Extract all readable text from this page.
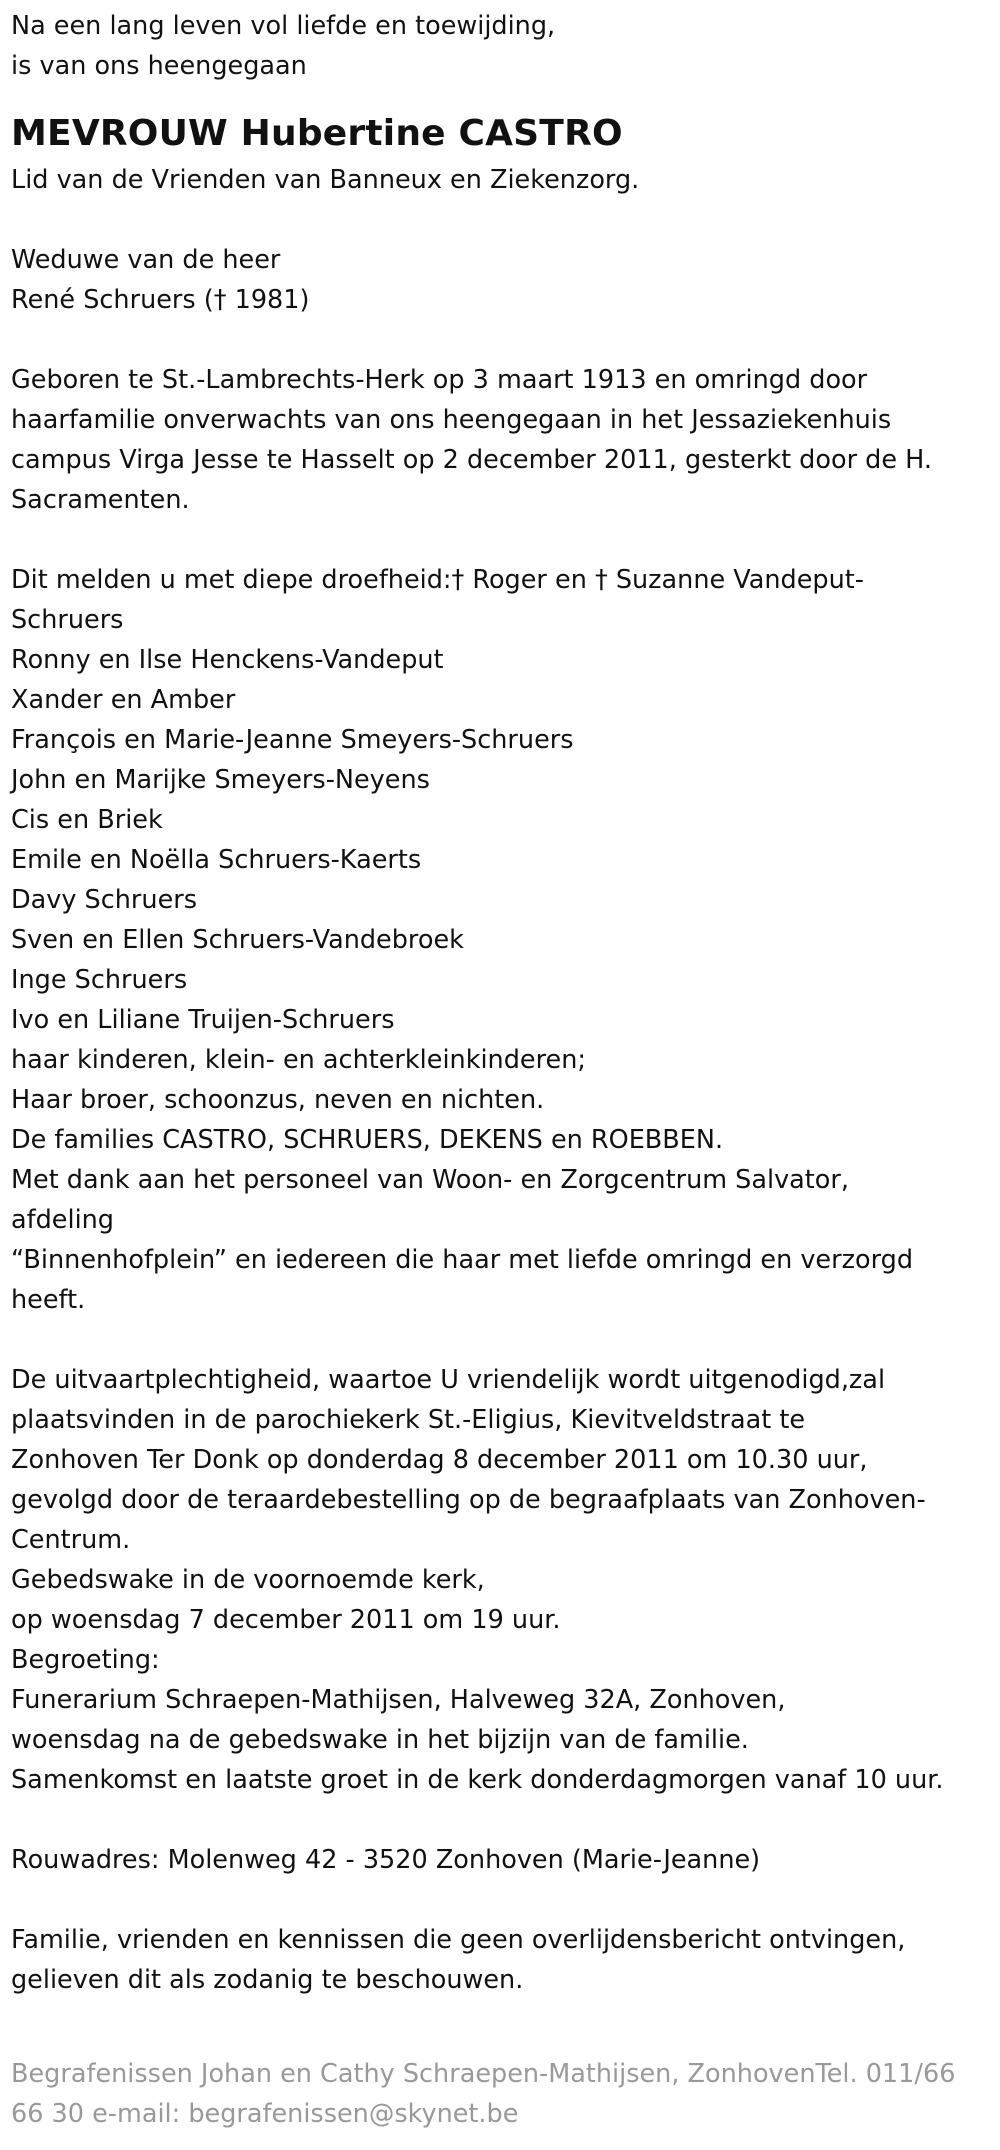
Na een lang leven vol liefde en toewijding,
is van ons heengegaan
MEVROUW Hubertine CASTRO
Lid van de Vrienden van Banneux en Ziekenzorg.
Weduwe van de heer
René Schruers († 1981)
Geboren te St.-Lambrechts-Herk op 3 maart 1913 en omringd door
haarfamilie onverwachts van ons heengegaan in het Jessaziekenhuis
campus Virga Jesse te Hasselt op 2 december 2011, gesterkt door de H.
Sacramenten.
Dit melden u met diepe droefheid:† Roger en † Suzanne Vandeput-
Schruers
Ronny en Ilse Henckens-Vandeput
Xander en Amber
François en Marie-Jeanne Smeyers-Schruers
John en Marijke Smeyers-Neyens
Cis en Briek
Emile en Noëlla Schruers-Kaerts
Davy Schruers
Sven en Ellen Schruers-Vandebroek
Inge Schruers
Ivo en Liliane Truijen-Schruers
haar kinderen, klein- en achterkleinkinderen;
Haar broer, schoonzus, neven en nichten.
De families CASTRO, SCHRUERS, DEKENS en ROEBBEN.
Met dank aan het personeel van Woon- en Zorgcentrum Salvator,
afdeling
“Binnenhofplein” en iedereen die haar met liefde omringd en verzorgd
heeft.
De uitvaartplechtigheid, waartoe U vriendelijk wordt uitgenodigd,zal
plaatsvinden in de parochiekerk St.-Eligius, Kievitveldstraat te
Zonhoven Ter Donk op donderdag 8 december 2011 om 10.30 uur,
gevolgd door de teraardebestelling op de begraafplaats van Zonhoven-
Centrum.
Gebedswake in de voornoemde kerk,
op woensdag 7 december 2011 om 19 uur.
Begroeting:
Funerarium Schraepen-Mathijsen, Halveweg 32A, Zonhoven,
woensdag na de gebedswake in het bijzijn van de familie.
Samenkomst en laatste groet in de kerk donderdagmorgen vanaf 10 uur.
Rouwadres: Molenweg 42 - 3520 Zonhoven (Marie-Jeanne)
Familie, vrienden en kennissen die geen overlijdensbericht ontvingen,
gelieven dit als zodanig te beschouwen.
Begrafenissen Johan en Cathy Schraepen-Mathijsen, ZonhovenTel. 011/66
66 30 e-mail: begrafenissen@skynet.be
